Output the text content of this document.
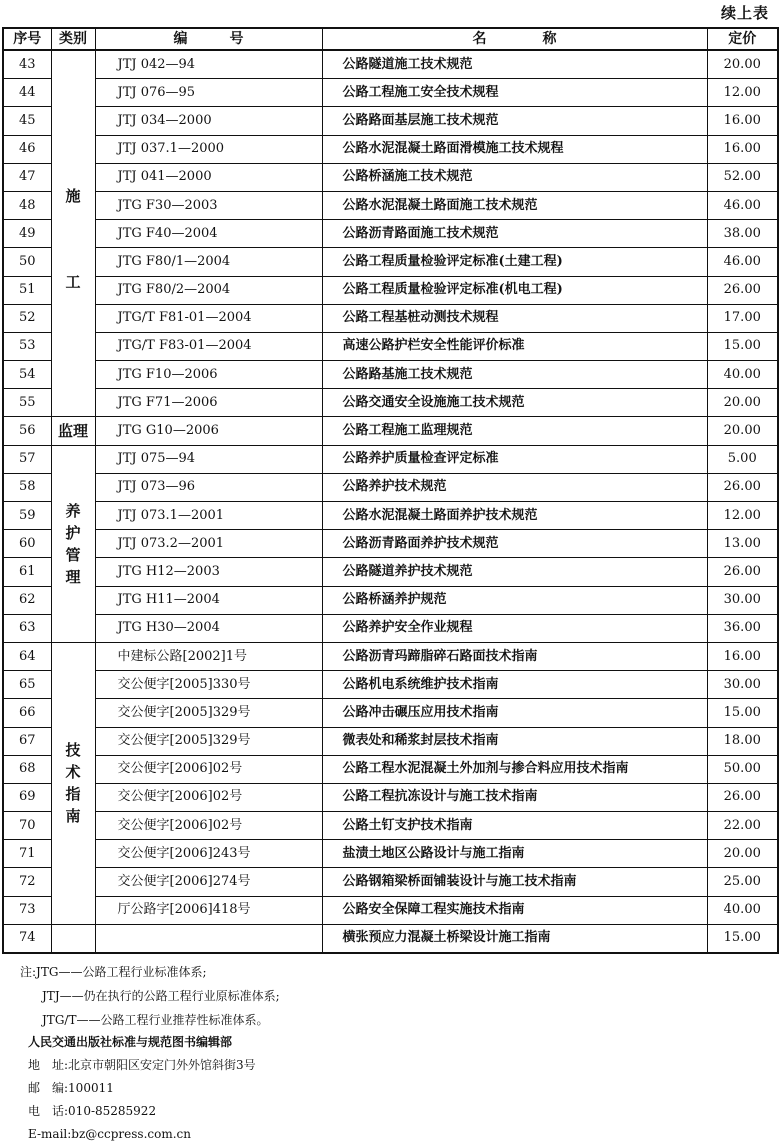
续上表
序号	类别	编　　　号	名　　　　称	定价
43	施工	JTJ 042—94	公路隧道施工技术规范	20.00
44		JTJ 076—95	公路工程施工安全技术规程	12.00
45		JTJ 034—2000	公路路面基层施工技术规范	16.00
46		JTJ 037.1—2000	公路水泥混凝土路面滑模施工技术规程	16.00
47		JTJ 041—2000	公路桥涵施工技术规范	52.00
48		JTG F30—2003	公路水泥混凝土路面施工技术规范	46.00
49		JTG F40—2004	公路沥青路面施工技术规范	38.00
50		JTG F80/1—2004	公路工程质量检验评定标准(土建工程)	46.00
51		JTG F80/2—2004	公路工程质量检验评定标准(机电工程)	26.00
52		JTG/T F81-01—2004	公路工程基桩动测技术规程	17.00
53		JTG/T F83-01—2004	高速公路护栏安全性能评价标准	15.00
54		JTG F10—2006	公路路基施工技术规范	40.00
55		JTG F71—2006	公路交通安全设施施工技术规范	20.00
56	监理	JTG G10—2006	公路工程施工监理规范	20.00
57	养护管理	JTJ 075—94	公路养护质量检查评定标准	5.00
58		JTJ 073—96	公路养护技术规范	26.00
59		JTJ 073.1—2001	公路水泥混凝土路面养护技术规范	12.00
60		JTJ 073.2—2001	公路沥青路面养护技术规范	13.00
61		JTG H12—2003	公路隧道养护技术规范	26.00
62		JTG H11—2004	公路桥涵养护规范	30.00
63		JTG H30—2004	公路养护安全作业规程	36.00
64	技术指南	中建标公路[2002]1号	公路沥青玛蹄脂碎石路面技术指南	16.00
65		交公便字[2005]330号	公路机电系统维护技术指南	30.00
66		交公便字[2005]329号	公路冲击碾压应用技术指南	15.00
67		交公便字[2005]329号	微表处和稀浆封层技术指南	18.00
68		交公便字[2006]02号	公路工程水泥混凝土外加剂与掺合料应用技术指南	50.00
69		交公便字[2006]02号	公路工程抗冻设计与施工技术指南	26.00
70		交公便字[2006]02号	公路土钉支护技术指南	22.00
71		交公便字[2006]243号	盐渍土地区公路设计与施工指南	20.00
72		交公便字[2006]274号	公路钢箱梁桥面铺装设计与施工技术指南	25.00
73		厅公路字[2006]418号	公路安全保障工程实施技术指南	40.00
74			横张预应力混凝土桥梁设计施工指南	15.00
注:JTG——公路工程行业标准体系;
JTJ——仍在执行的公路工程行业原标准体系;
JTG/T——公路工程行业推荐性标准体系。
人民交通出版社标准与规范图书编辑部
地　址:北京市朝阳区安定门外外馆斜街3号
邮　编:100011
电　话:010-85285922
E-mail:bz@ccpress.com.cn
